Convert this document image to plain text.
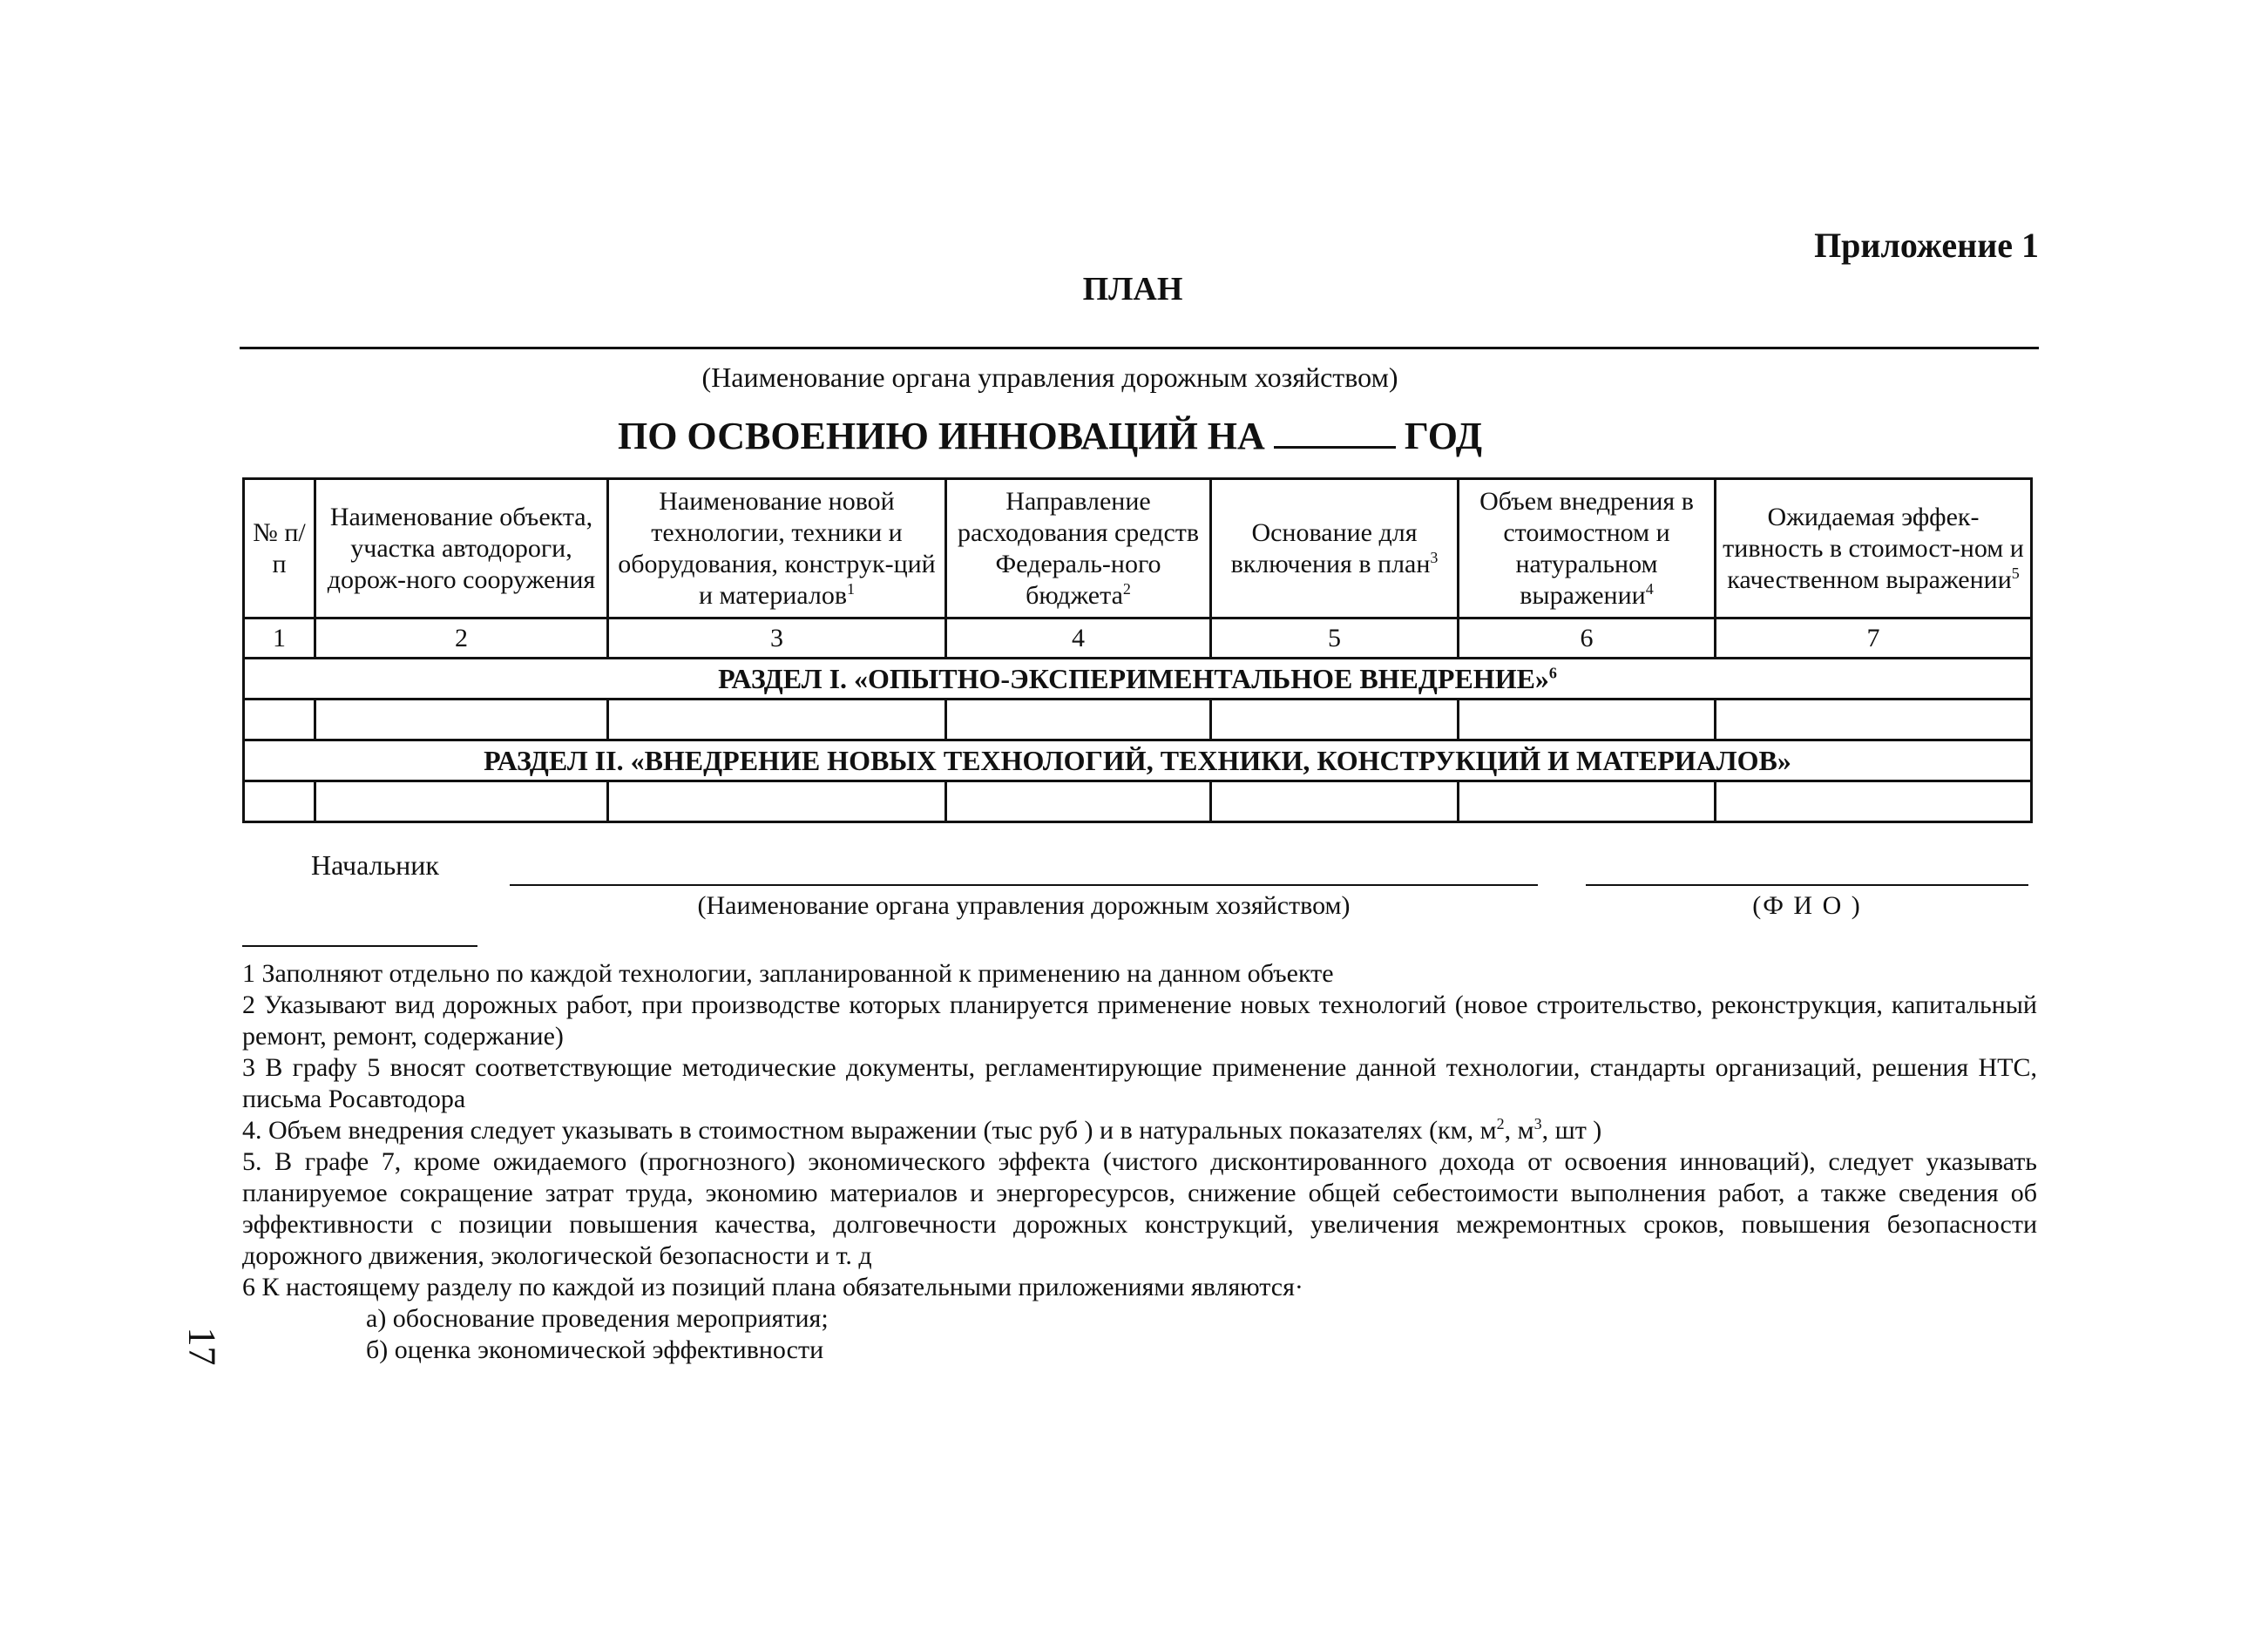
Приложение 1
ПЛАН
(Наименование органа управления дорожным хозяйством)
ПО ОСВОЕНИЮ ИННОВАЦИЙ НА	ГОД
№ п/п	Наименование объекта, участка автодороги, дорож-ного сооружения	Наименование новой технологии, техники и оборудования, конструк-ций и материалов$^1$	Направление расходования средств Федераль-ного бюджета$^2$	Основание для включения в план$^3$	Объем внедрения в стоимостном и натуральном выражении$^4$	Ожидаемая эффек-тивность в стоимост-ном и качественном выражении$^5$
1	2	3	4	5	6	7
РАЗДЕЛ I. «ОПЫТНО-ЭКСПЕРИМЕНТАЛЬНОЕ ВНЕДРЕНИЕ»$^6$

РАЗДЕЛ II. «ВНЕДРЕНИЕ НОВЫХ ТЕХНОЛОГИЙ, ТЕХНИКИ, КОНСТРУКЦИЙ И МАТЕРИАЛОВ»						

Начальник
(Наименование органа управления дорожным хозяйством)	(Ф И О )

1 Заполняют отдельно по каждой технологии, запланированной к применению на данном объекте

2 Указывают вид дорожных работ, при производстве которых планируется применение новых технологий (новое строительство, реконструкция, капитальный ремонт, ремонт, содержание)

3 В графу 5 вносят соответствующие методические документы, регламентирующие применение данной технологии, стандарты организаций, решения НТС, письма Росавтодора

4. Объем внедрения следует указывать в стоимостном выражении (тыс руб ) и в натуральных показателях (км, $м^2$, $м^3$, шт )

5. В графе 7, кроме ожидаемого (прогнозного) экономического эффекта (чистого дисконтированного дохода от освоения инноваций), следует указывать планируемое сокращение затрат труда, экономию материалов и энергоресурсов, снижение общей себестоимости выполнения работ, а также сведения об эффективности с позиции повышения качества, долговечности дорожных конструкций, увеличения межремонтных сроков, повышения безопасности дорожного движения, экологической безопасности и т. д

6 К настоящему разделу по каждой из позиций плана обязательными приложениями являются·

а) обоснование проведения мероприятия;

б) оценка экономической эффективности

17
